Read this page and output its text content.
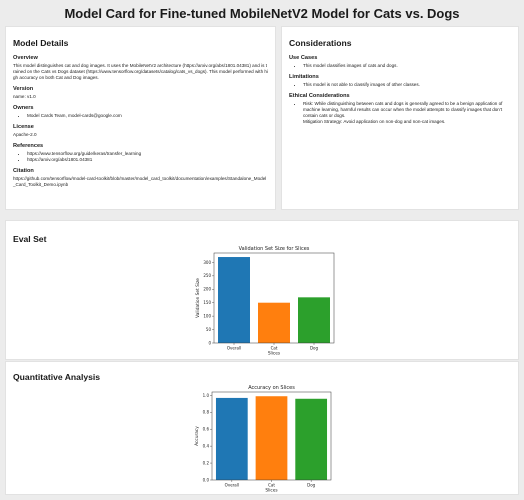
Model Card for Fine-tuned MobileNetV2 Model for Cats vs. Dogs
Model Details
Overview

This model distinguishes cat and dog images. It uses the MobileNetV2 architecture (https://arxiv.org/abs/1801.04381) and is trained on the Cats vs Dogs dataset (https://www.tensorflow.org/datasets/catalog/cats_vs_dogs). This model performed with high accuracy on both Cat and Dog images.

Version

name: v1.0

Owners
• Model Cards Team, model-cards@google.com
License

Apache-2.0

References
• https://www.tensorflow.org/guide/keras/transfer_learning
• https://arxiv.org/abs/1801.04381
Citation

https://github.com/tensorflow/model-card-toolkit/blob/master/model_card_toolkit/documentation/examples/Standalone_Model_Card_Toolkit_Demo.ipynb

Considerations
Use Cases
• This model classifies images of cats and dogs.
Limitations
• This model is not able to classify images of other classes.
Ethical Considerations
• Risk: While distinguishing between cats and dogs is generally agreed to be a benign application of machine learning, harmful results can occur when the model attempts to classify images that don’t contain cats or dogs.
Mitigation Strategy: Avoid application on non-dog and non-cat images.
Eval Set
Validation Set Size for Slices
Overall	Cat	Dog
0
50
100
150
200
250
300
Slices
Validation Set Size
Quantitative Analysis
Accuracy on Slices
Overall	Cat	Dog
0.0
0.2
0.4
0.6
0.8
1.0
Slices
Accuracy
